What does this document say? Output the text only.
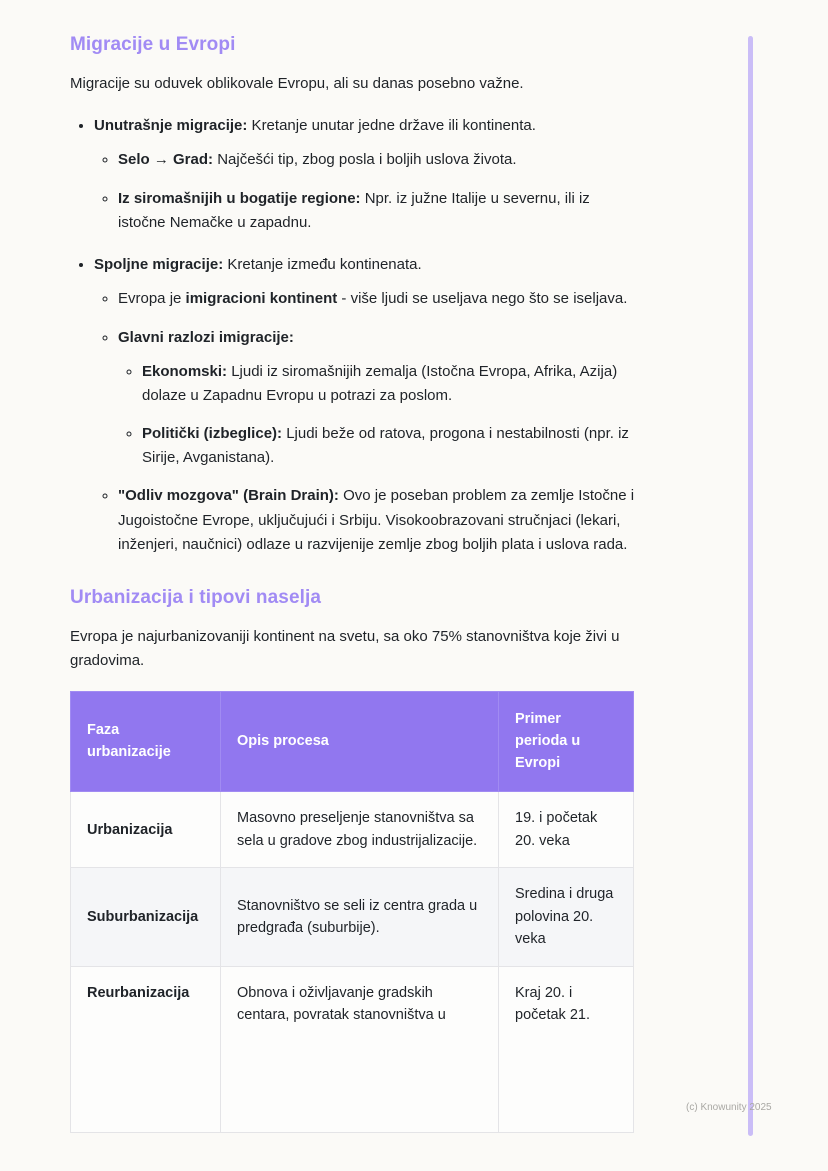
Migracije u Evropi

Migracije su oduvek oblikovale Evropu, ali su danas posebno važne.

• Unutrašnje migracije: Kretanje unutar jedne države ili kontinenta.
◦ Selo → Grad: Najčešći tip, zbog posla i boljih uslova života.
◦ Iz siromašnijih u bogatije regione: Npr. iz južne Italije u severnu, ili iz istočne Nemačke u zapadnu.
• Spoljne migracije: Kretanje između kontinenata.
◦ Evropa je imigracioni kontinent - više ljudi se useljava nego što se iseljava.
◦ Glavni razlozi imigracije:
◦ Ekonomski: Ljudi iz siromašnijih zemalja (Istočna Evropa, Afrika, Azija) dolaze u Zapadnu Evropu u potrazi za poslom.
◦ Politički (izbeglice): Ljudi beže od ratova, progona i nestabilnosti (npr. iz Sirije, Avganistana).
◦ "Odliv mozgova" (Brain Drain): Ovo je poseban problem za zemlje Istočne i Jugoistočne Evrope, uključujući i Srbiju. Visokoobrazovani stručnjaci (lekari, inženjeri, naučnici) odlaze u razvijenije zemlje zbog boljih plata i uslova rada.
Urbanizacija i tipovi naselja

Evropa je najurbanizovaniji kontinent na svetu, sa oko 75% stanovništva koje živi u gradovima.

Faza urbanizacije	Opis procesa	Primer perioda u Evropi
Urbanizacija	Masovno preseljenje stanovništva sa sela u gradove zbog industrijalizacije.	19. i početak 20. veka
Suburbanizacija	Stanovništvo se seli iz centra grada u predgrađa (suburbije).	Sredina i druga polovina 20. veka
Reurbanizacija	Obnova i oživljavanje gradskih centara, povratak stanovništva u	Kraj 20. i početak 21.
(c) Knowunity 2025
